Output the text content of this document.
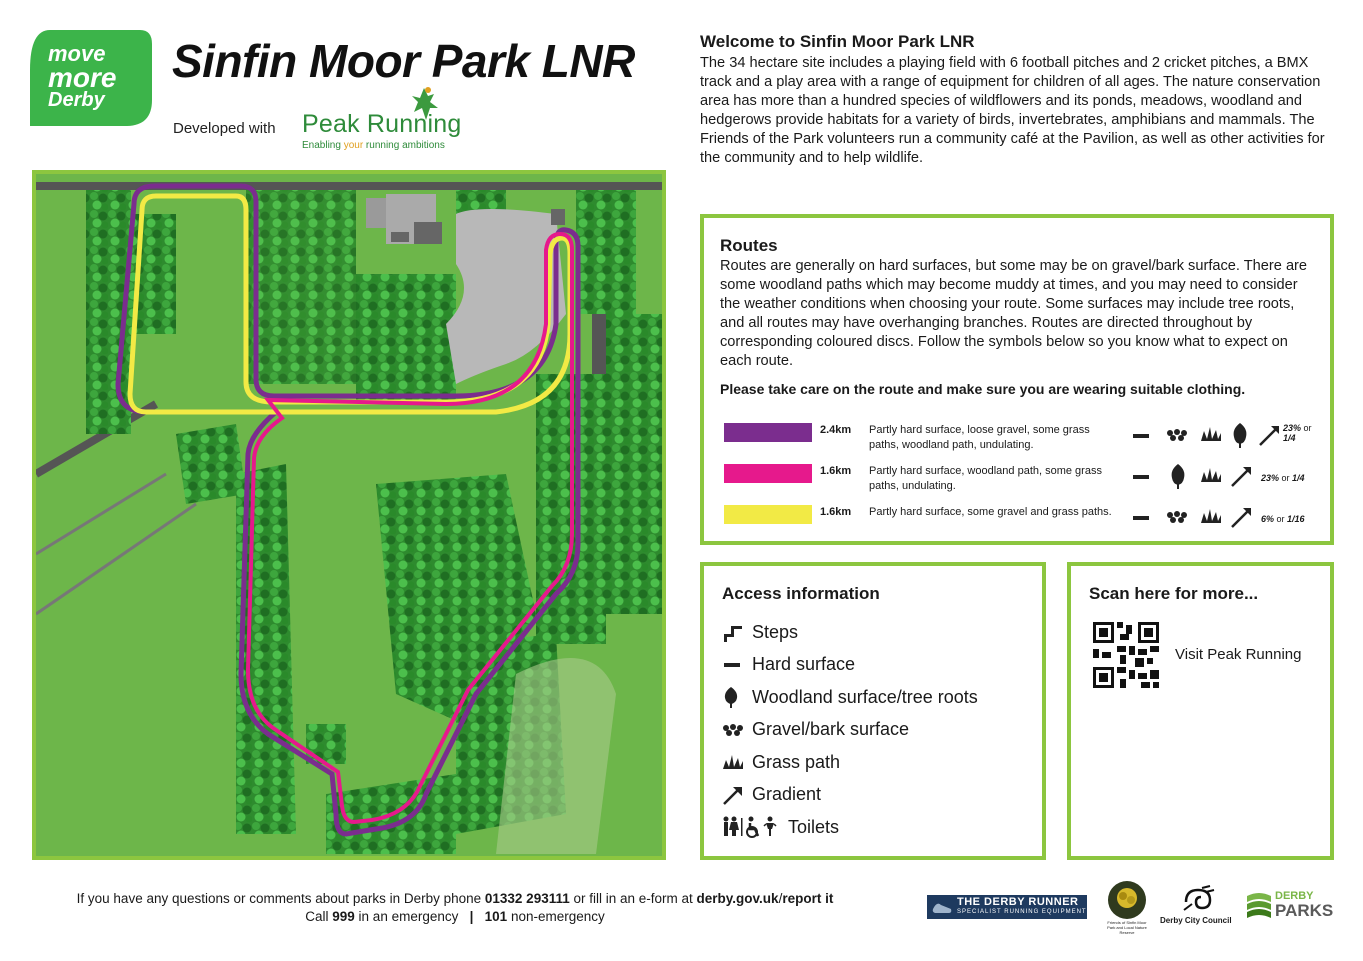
move
more
Derby
Sinfin Moor Park LNR
Developed with Peak Running
Enabling your running ambitions
Welcome to Sinfin Moor Park LNR

The 34 hectare site includes a playing field with 6 football pitches and 2 cricket pitches, a BMX track and a play area with a range of equipment for children of all ages. The nature conservation area has more than a hundred species of wildflowers and its ponds, meadows, woodland and hedgerows provide habitats for a variety of birds, invertebrates, amphibians and mammals. The Friends of the Park volunteers run a community café at the Pavilion, as well as other activities for the community and to help wildlife.

Routes

Routes are generally on hard surfaces, but some may be on gravel/bark surface. There are some woodland paths which may become muddy at times, and you may need to consider the weather conditions when choosing your route. Some surfaces may include tree roots, and all routes may have overhanging branches. Routes are directed throughout by corresponding coloured discs. Follow the symbols below so you know what to expect on each route.

Please take care on the route and make sure you are wearing suitable clothing.

2.4km Partly hard surface, loose gravel, some grass paths, woodland path, undulating.
23% or
1/4
1.6km Partly hard surface, woodland path, some grass paths, undulating.
23% or 1/4
1.6km Partly hard surface, some gravel and grass paths.
6% or 1/16
Access information
Steps
Hard surface
Woodland surface/tree roots
Gravel/bark surface
Grass path
Gradient
Toilets
Scan here for more...
Visit Peak Running
If you have any questions or comments about parks in Derby phone 01332 293111 or fill in an e-form at derby.gov.uk/report it
Call 999 in an emergency   | 101 non-emergency
THE DERBY RUNNER
SPECIALIST RUNNING EQUIPMENT
Friends of Sinfin Moor Park and Local Nature Reserve
Derby City Council
DERBY
PARKS
